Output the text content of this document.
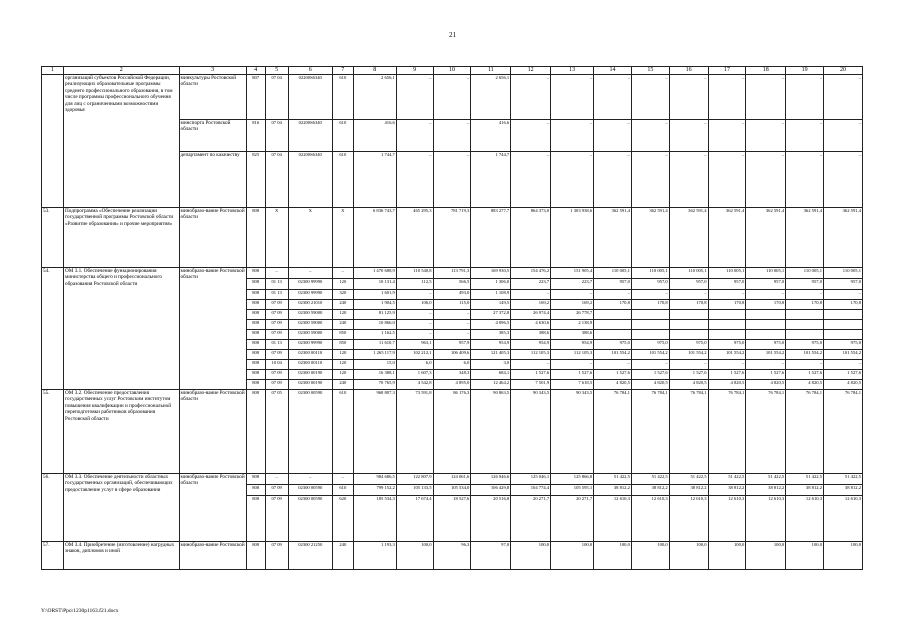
21
1	2	3	4	5	6	7	8	9	10	11	12	13	14	15	16	17	18	19	20
	организаций субъектов Российской Федерации, реализующих образовательные программы среднего профессионального образования, в том числе программы профессионального обучения для лиц с ограниченными возможностями здоровья	минкультуры Ростовской области	807	07 04	02200S6340	610	2 656,1	–	–	2 656,1	–	–	–	–	–	–	–	–	–
		минспорта Ростовской области	816	07 04	02200S6340	610	416,6	–	–	416,6	–	–	–	–	–	–	–	–	–
		департамент по казачеству	825	07 04	02200S6340	610	1 744,7	–	–	1 744,7	–	–	–	–	–	–	–	–	–
53.	Подпрограмма «Обеспечение реализации государственной программы Ростовской области «Развитие образования» и прочие мероприятия»	минобразо-вание Ростовской области	808	X	X	X	6 836 743,7	465 295,3	781 719,3	883 277,7	864 373,0	1 303 938,6	362 591,4	362 591,4	362 591,4	362 591,4	362 591,4	362 591,4	362 591,4
54.	ОМ 3.1. Обеспечение функционирования министерства общего и профессионального образования Ростовской области	минобразо-вание Ростовской области	808	–	–	–	1 470 688,9	110 540,8	113 791,3	169 930,5	154 476,2	151 905,4	110 005,1	110 005,1	110 005,1	110 005,1	110 005,1	110 005,1	110 005,1
			808	01 13	02300 99990	120	10 131,4	112,5	566,5	1 306,0	223,7	223,7	957,0	957,0	957,0	957,0	957,0	957,0	957,0
			808	01 13	02300 99990	320	1 601,9	–	493,0	1 108,9	–	–	–	–	–	–	–	–	–
			808	07 09	02300 21010	240	1 904,5	106,0	115,0	149,5	169,2	169,2	170,8	170,8	170,8	170,8	170,8	170,8	170,8
			808	07 09	02300 59000	120	81 125,9	–	–	27 372,8	26 974,4	26 778,7							
			808	07 09	02300 59000	240	10 866,0	–	–	4 096,5	4 630,6	2 138,9							
			808	07 09	02300 59000	850	1 162,5	–	–	385,3	388,6	388,6							
			808	01 13	02300 99990	850	11 610,7	963,1	957,9	954,9	954,9	954,9	975,0	975,0	975,0	975,0	975,0	975,0	975,0
			808	07 09	02300 00110	120	1 265 117,9	102 212,1	106 409,6	121 405,3	112 105,3	112 105,3	101 554,2	101 554,2	101 554,2	101 554,2	101 554,2	101 554,2	101 554,2
			808	10 04	02300 00110	120	15,0	6,0	6,0	3,0	–	–	–	–	–	–	–	–	–
			808	07 09	02300 00190	120	16 388,1	1 607,3	348,3	684,1	1 527,6	1 527,6	1 527,6	1 527,6	1 527,6	1 527,6	1 527,6	1 527,6	1 527,6
			808	07 09	02300 00190	240	70 765,9	4 542,8	4 895,0	12 464,2	7 501,9	7 618,5	4 820,5	4 820,5	4 820,5	4 820,5	4 820,5	4 820,5	4 820,5
55.	ОМ 3.2. Обеспечение предоставления государственных услуг Ростовским институтом повышения квалификации и профессиональной переподготовки работников образования Ростовской области	минобразо-вание Ростовской области	808	07 05	02300 00590	610	968 807,3	73 591,8	86 176,3	90 863,5	90 343,5	90 343,5	76 784,1	76 784,1	76 784,1	76 784,1	76 784,1	76 784,1	76 784,1
56.	ОМ 3.3. Обеспечение деятельности областных государственных организаций, обеспечивающих предоставление услуг в сфере образования	минобразо-вание Ростовской области	808	–	–	–	984 686,5	122 807,9	124 061,6	126 946,6	125 046,1	125 866,8	51 422,5	51 422,5	51 422,5	51 422,5	51 422,5	51 422,5	51 422,5
			808	07 09	02300 00590	610	799 152,2	105 133,5	105 534,0	106 429,8	104 774,4	105 595,1	38 812,2	38 812,2	38 812,2	38 812,2	38 812,2	38 812,2	38 812,2
			808	07 09	02300 00590	620	185 534,3	17 674,4	18 527,6	20 516,8	20 271,7	20 271,7	12 610,3	12 610,3	12 610,3	12 610,3	12 610,3	12 610,3	12 610,3
57.	ОМ 3.4. Приобретение (изготовление) нагрудных знаков, дипломов и иной	минобразо-вание Ростовской	808	07 09	02300 21250	240	1 193,3	100,0	96,3	97,0	100,0	100,0	100,0	100,0	100,0	100,0	100,0	100,0	100,0
Y:\ORST\Ppo\1230p1163.f21.docx
